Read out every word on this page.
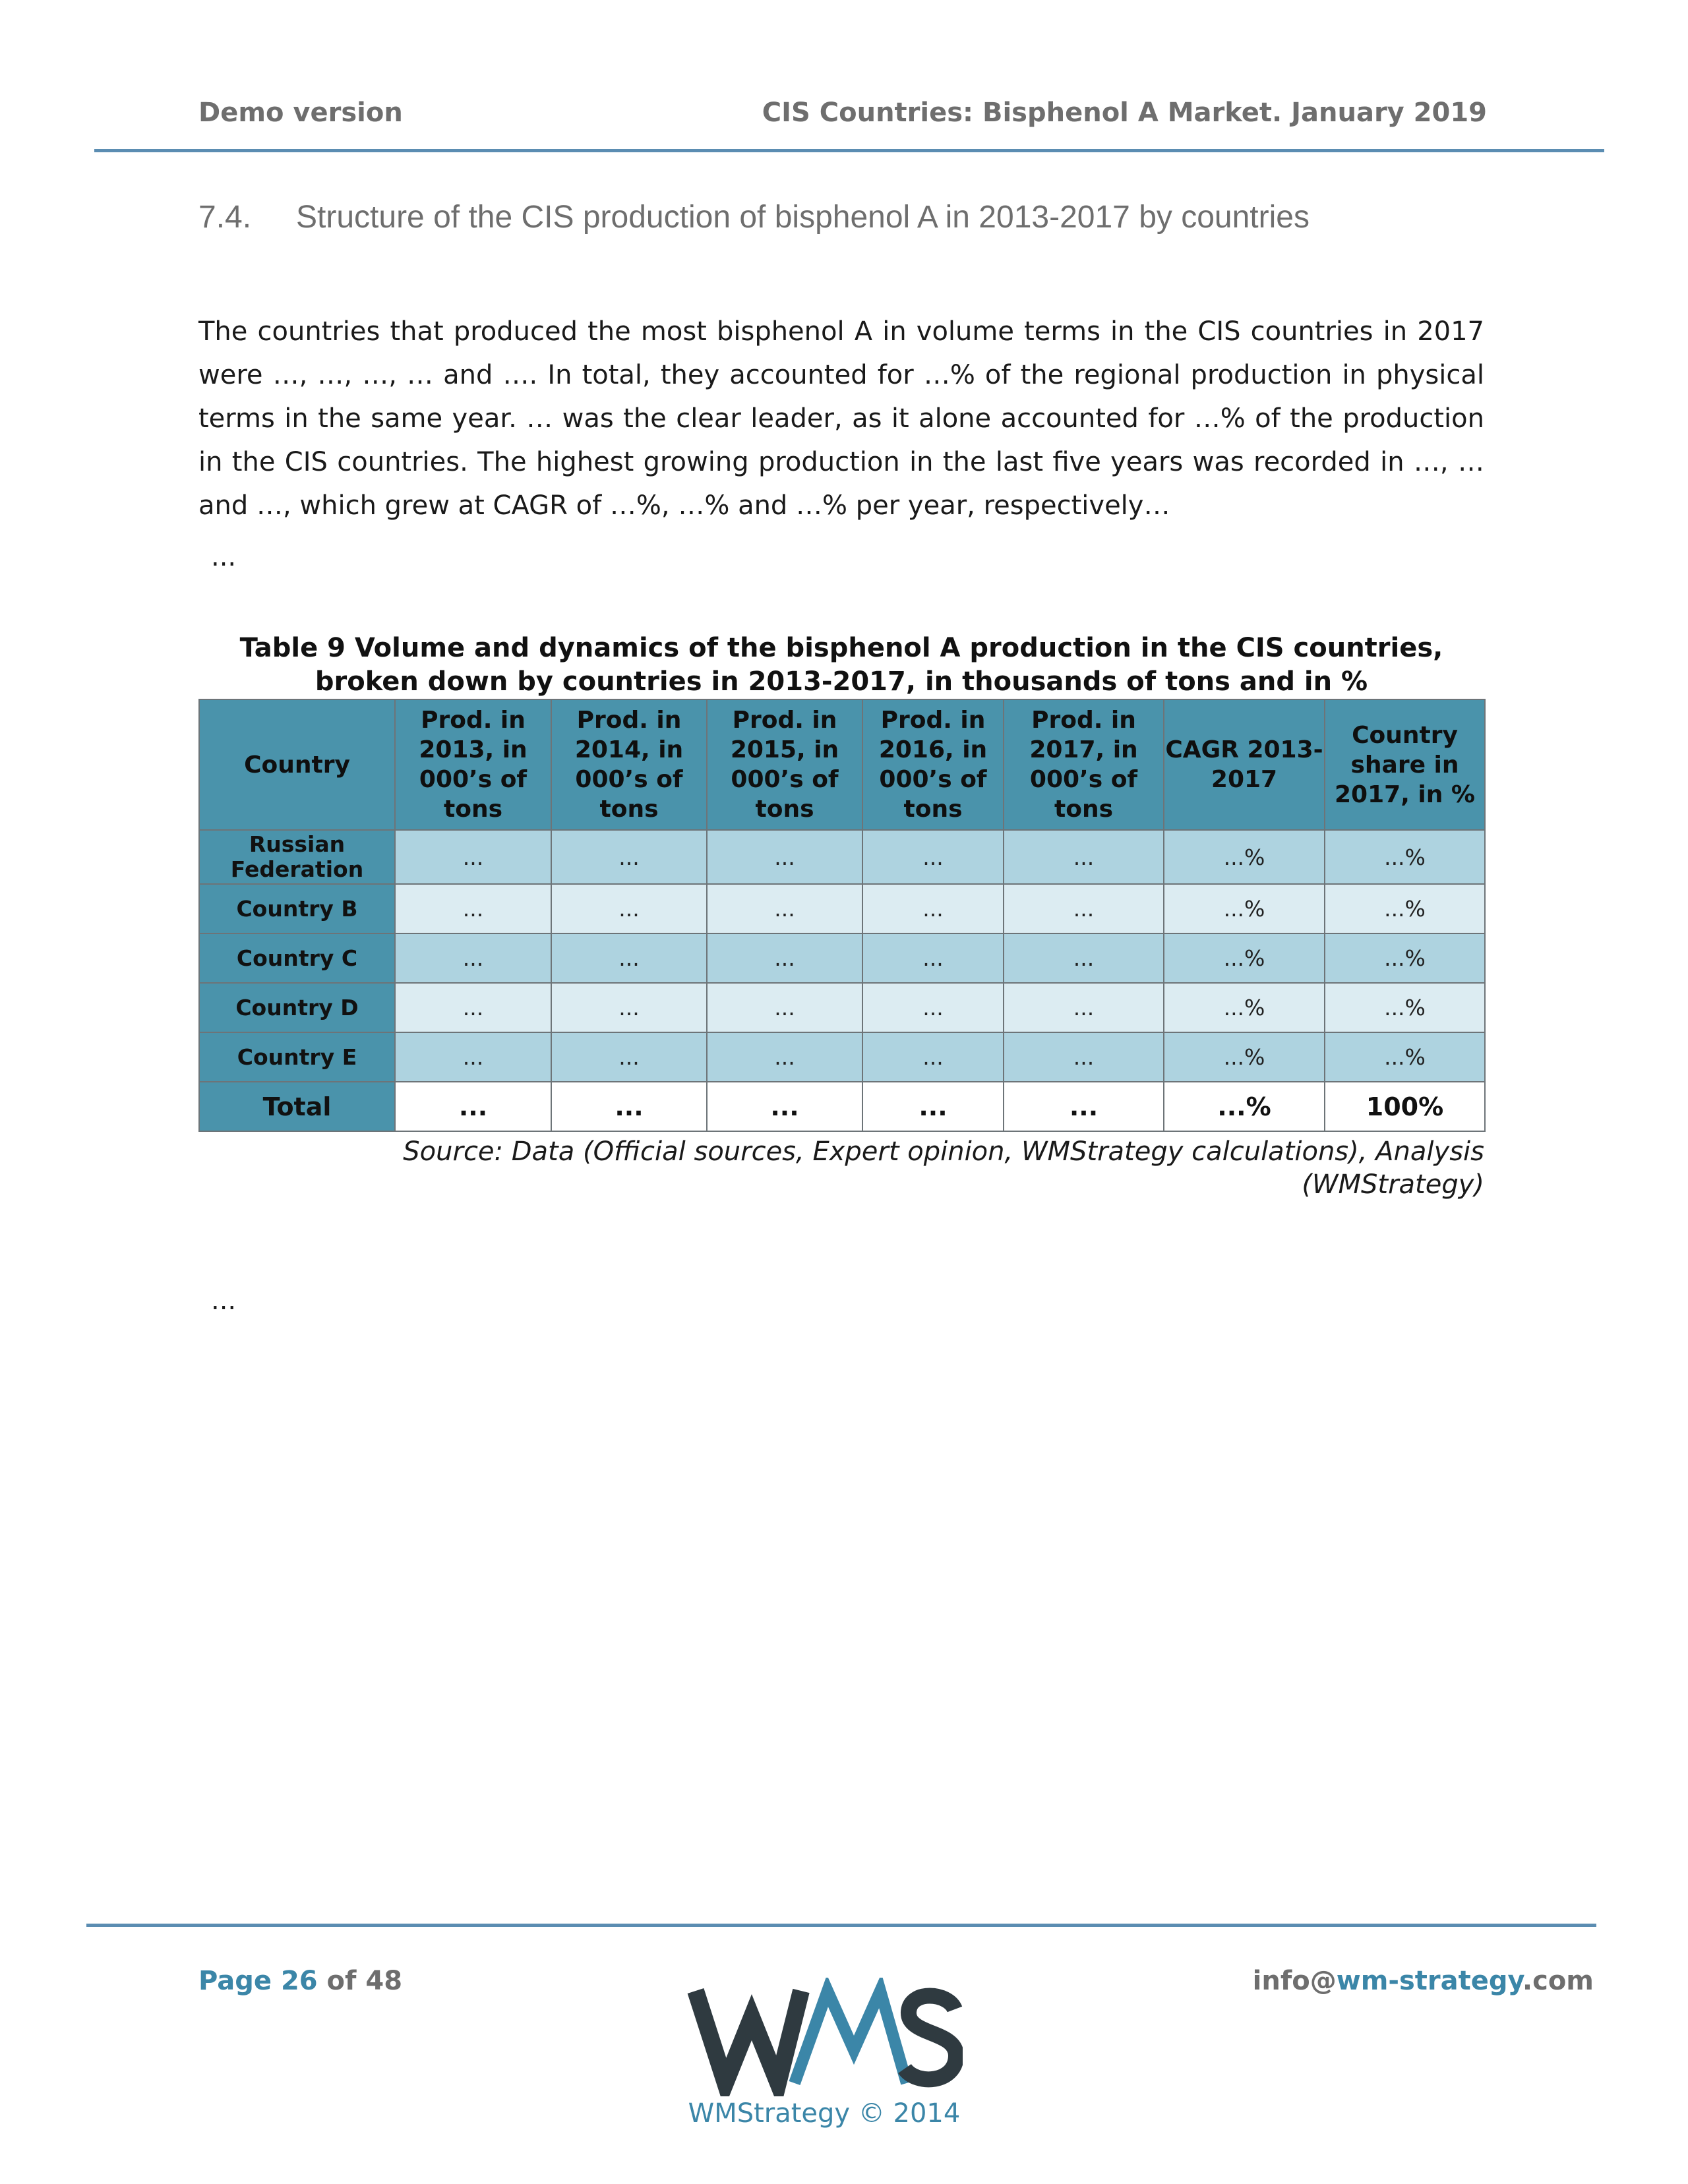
Demo version	CIS Countries: Bisphenol A Market. January 2019
7.4. Structure of the CIS production of bisphenol A in 2013-2017 by countries
The countries that produced the most bisphenol A in volume terms in the CIS countries in 2017 were …, …, …, … and …. In total, they accounted for …% of the regional production in physical terms in the same year. … was the clear leader, as it alone accounted for …% of the production in the CIS countries. The highest growing production in the last five years was recorded in …, … and …, which grew at CAGR of …%, …% and …% per year, respectively…
...
Table 9 Volume and dynamics of the bisphenol A production in the CIS countries,
broken down by countries in 2013-2017, in thousands of tons and in %
Country	Prod. in 2013, in 000’s of tons	Prod. in 2014, in 000’s of tons	Prod. in 2015, in 000’s of tons	Prod. in 2016, in 000’s of tons	Prod. in 2017, in 000’s of tons	CAGR 2013-2017	Country share in 2017, in %
Russian Federation	...	...	...	...	...	...%	...%
Country B	...	...	...	...	...	...%	...%
Country C	...	...	...	...	...	...%	...%
Country D	...	...	...	...	...	...%	...%
Country E	...	...	...	...	...	...%	...%
Total	...	...	...	...	...	...%	100%
Source: Data (Official sources, Expert opinion, WMStrategy calculations), Analysis
(WMStrategy)
...
Page 26 of 48	info@wm-strategy.com
WMStrategy © 2014
